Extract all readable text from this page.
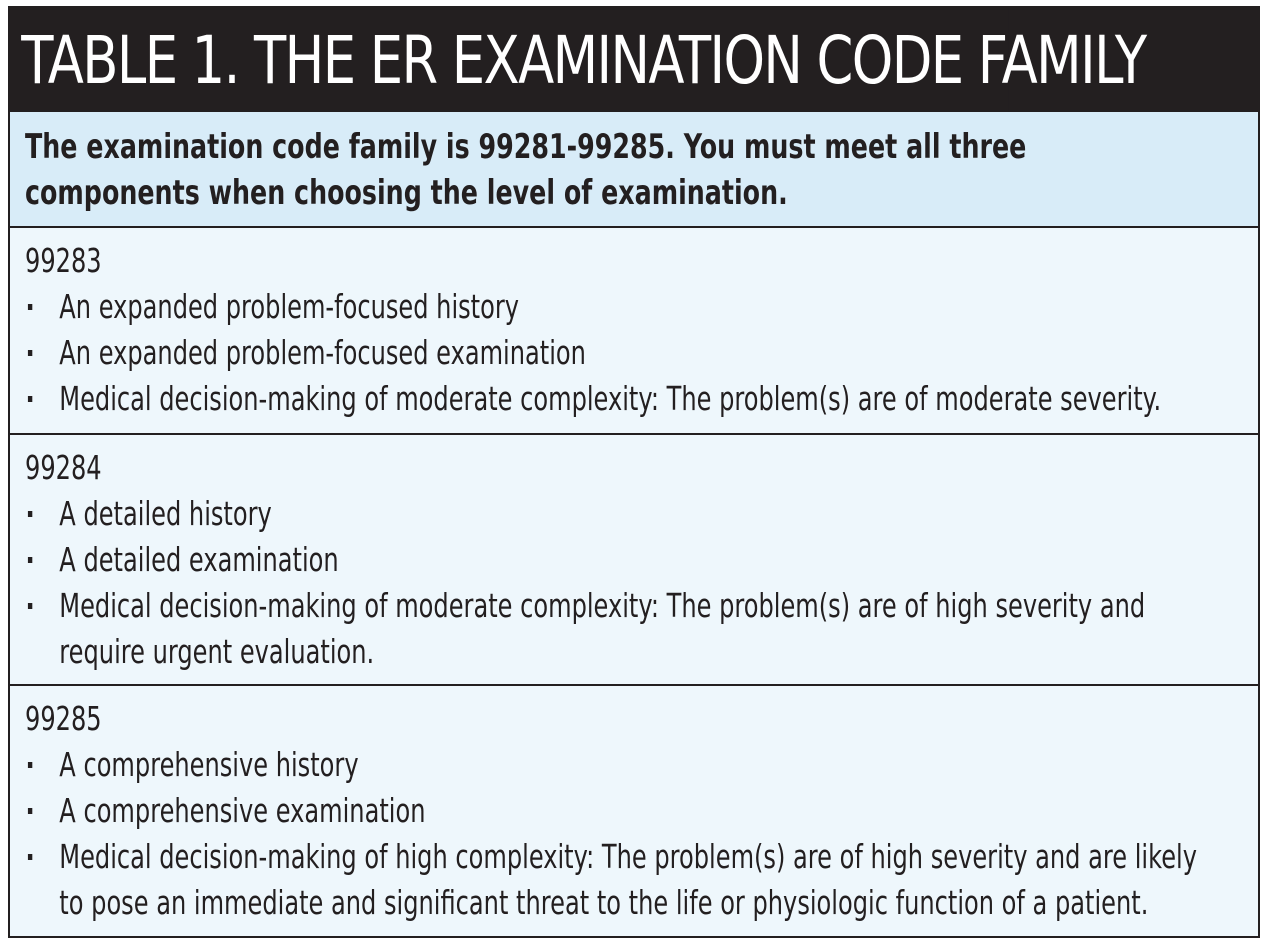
TABLE 1. THE ER EXAMINATION CODE FAMILY
The examination code family is 99281-99285. You must meet all three components when choosing the level of examination.
99283
An expanded problem-focused history
An expanded problem-focused examination
Medical decision-making of moderate complexity: The problem(s) are of moderate severity.
99284
A detailed history
A detailed examination
Medical decision-making of moderate complexity: The problem(s) are of high severity and require urgent evaluation.
99285
A comprehensive history
A comprehensive examination
Medical decision-making of high complexity: The problem(s) are of high severity and are likely to pose an immediate and significant threat to the life or physiologic function of a patient.
